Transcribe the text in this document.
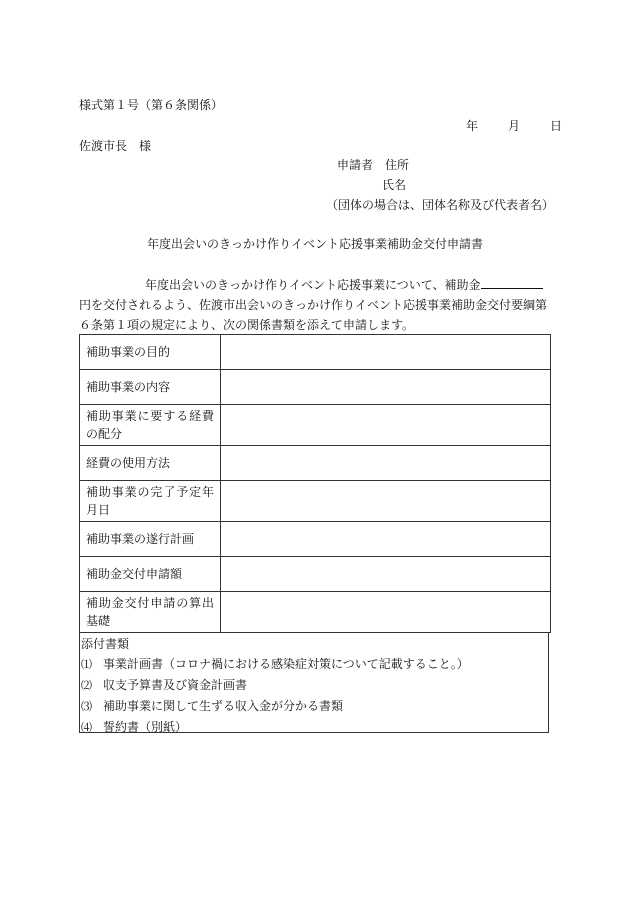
様式第１号（第６条関係）
年	月	日
佐渡市長　様
申請者　住所
氏名
（団体の場合は、団体名称及び代表者名）
年度出会いのきっかけ作りイベント応援事業補助金交付申請書
年度出会いのきっかけ作りイベント応援事業について、補助金
円を交付されるよう、佐渡市出会いのきっかけ作りイベント応援事業補助金交付要綱第
６条第１項の規定により、次の関係書類を添えて申請します。
補助事業の目的	
補助事業の内容	
補助事業に要する経費の配分	
経費の使用方法	
補助事業の完了予定年月日	
補助事業の遂行計画	
補助金交付申請額	
補助金交付申請の算出基礎	
添付書類
⑴ 事業計画書（コロナ禍における感染症対策について記載すること。）
⑵ 収支予算書及び資金計画書
⑶ 補助事業に関して生ずる収入金が分かる書類
⑷ 誓約書（別紙）
